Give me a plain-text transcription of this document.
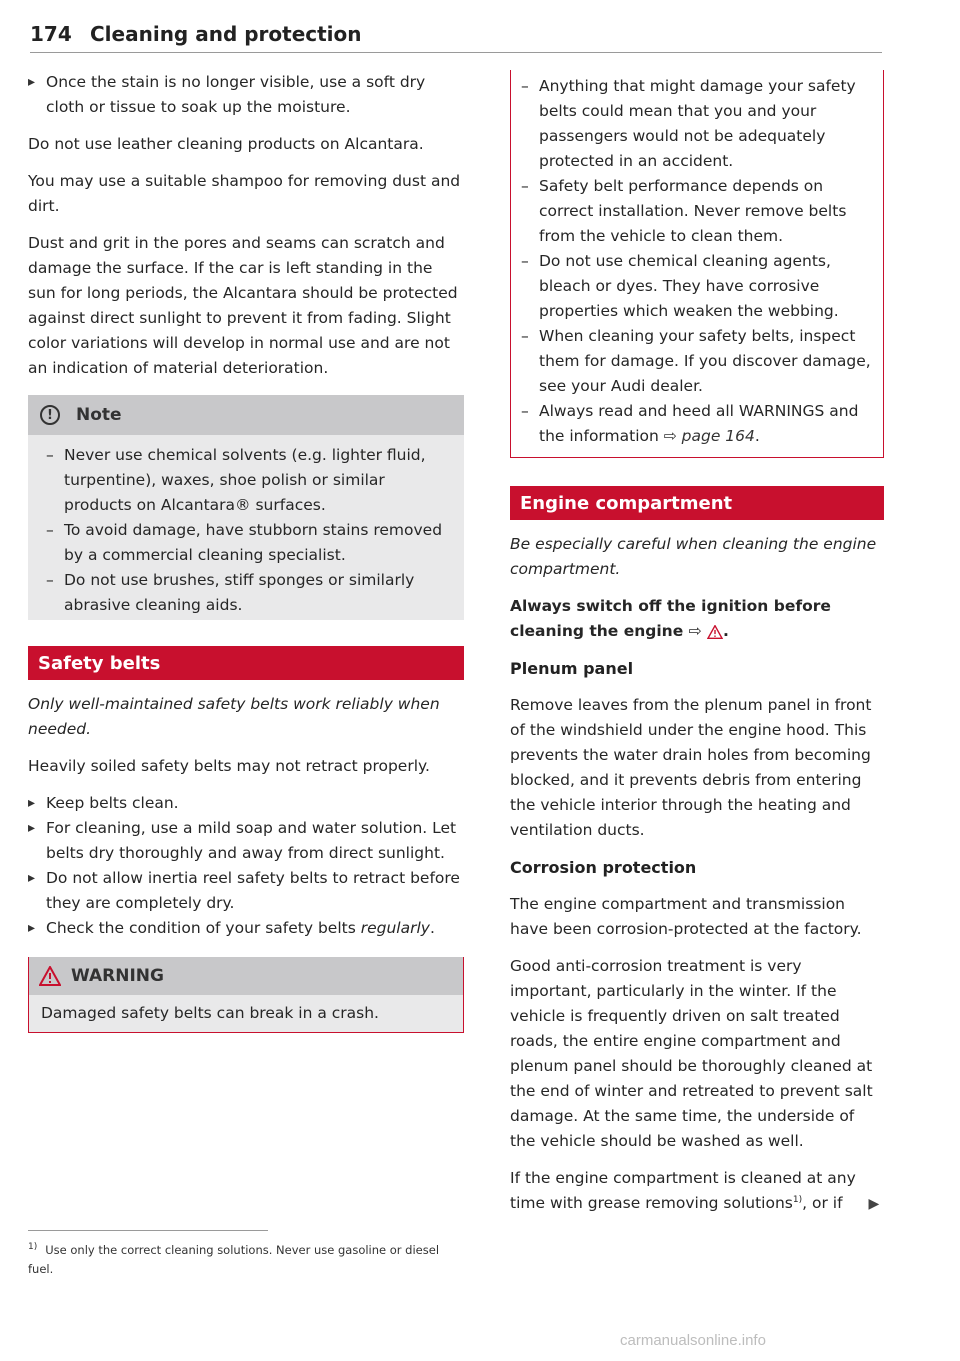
174 Cleaning and protection

▸ Once the stain is no longer visible, use a soft dry cloth or tissue to soak up the moisture.

Do not use leather cleaning products on Alcantara.

You may use a suitable shampoo for removing dust and dirt.

Dust and grit in the pores and seams can scratch and damage the surface. If the car is left standing in the sun for long periods, the Alcantara should be protected against direct sunlight to prevent it from fading. Slight color variations will develop in normal use and are not an indication of material deterioration.

!	Note

– Never use chemical solvents (e.g. lighter fluid, turpentine), waxes, shoe polish or similar products on Alcantara® surfaces.

– To avoid damage, have stubborn stains removed by a commercial cleaning specialist.

– Do not use brushes, stiff sponges or similarly abrasive cleaning aids.

Safety belts

Only well-maintained safety belts work reliably when needed.

Heavily soiled safety belts may not retract properly.

▸ Keep belts clean.

▸ For cleaning, use a mild soap and water solution. Let belts dry thoroughly and away from direct sunlight.

▸ Do not allow inertia reel safety belts to retract before they are completely dry.

▸ Check the condition of your safety belts regularly.

WARNING
Damaged safety belts can break in a crash.
$^{1)}$ Use only the correct cleaning solutions. Never use gasoline or diesel fuel.

– Anything that might damage your safety belts could mean that you and your passengers would not be adequately protected in an accident.

– Safety belt performance depends on correct installation. Never remove belts from the vehicle to clean them.

– Do not use chemical cleaning agents, bleach or dyes. They have corrosive properties which weaken the webbing.

– When cleaning your safety belts, inspect them for damage. If you discover damage, see your Audi dealer.

– Always read and heed all WARNINGS and the information ⇨ page 164.

Engine compartment

Be especially careful when cleaning the engine compartment.

Always switch off the ignition before cleaning the engine ⇨ .

Plenum panel

Remove leaves from the plenum panel in front of the windshield under the engine hood. This prevents the water drain holes from becoming blocked, and it prevents debris from entering the vehicle interior through the heating and ventilation ducts.

Corrosion protection

The engine compartment and transmission have been corrosion-protected at the factory.

Good anti-corrosion treatment is very important, particularly in the winter. If the vehicle is frequently driven on salt treated roads, the entire engine compartment and plenum panel should be thoroughly cleaned at the end of winter and retreated to prevent salt damage. At the same time, the underside of the vehicle should be washed as well.

If the engine compartment is cleaned at any time with grease removing solutions$^{1)}$, or if ▶

carmanualsonline.info
